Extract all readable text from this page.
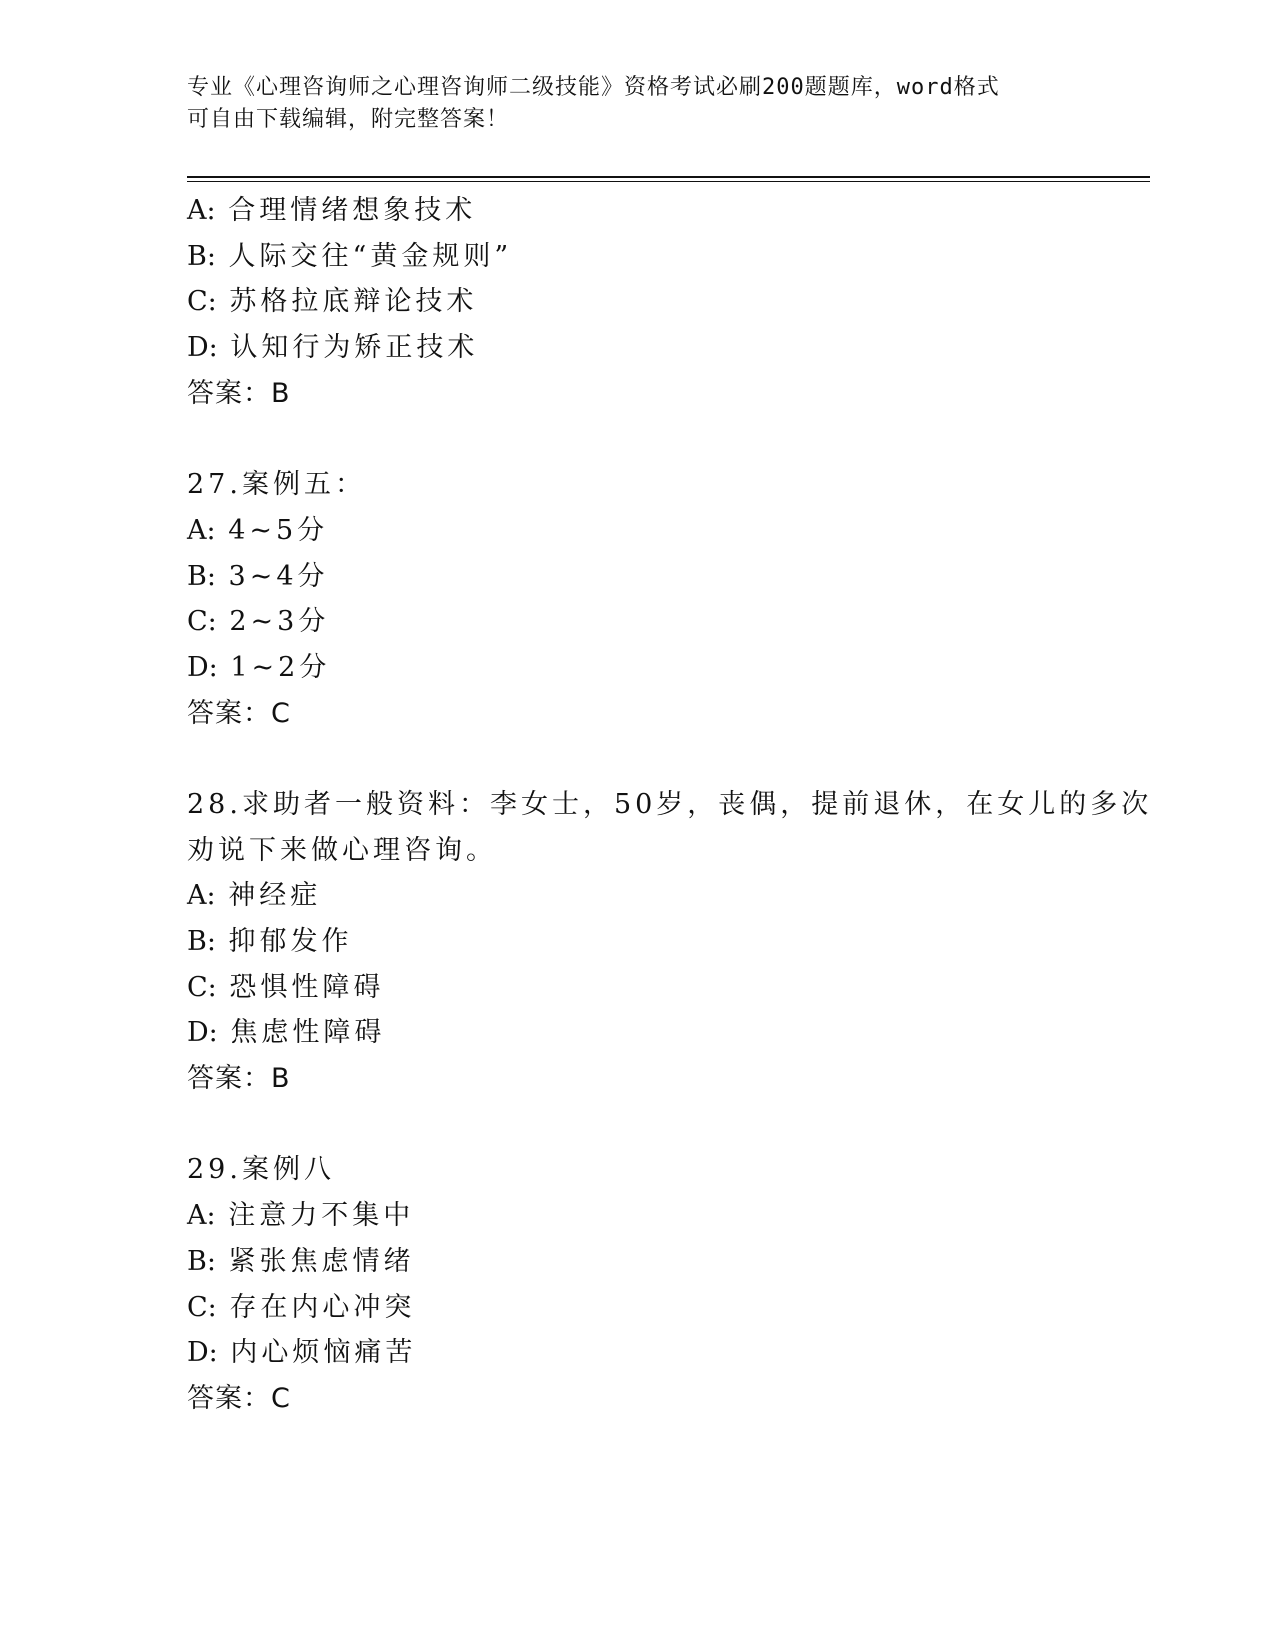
专业《心理咨询师之心理咨询师二级技能》资格考试必刷200题题库，word格式
可自由下载编辑，附完整答案！
A: 合理情绪想象技术
B: 人际交往“黄金规则”
C: 苏格拉底辩论技术
D: 认知行为矫正技术
答案：B
27.案例五：
A: 4~5分
B: 3~4分
C: 2~3分
D: 1~2分
答案：C
28.求助者一般资料：李女士，50岁，丧偶，提前退休，在女儿的多次
劝说下来做心理咨询。
A: 神经症
B: 抑郁发作
C: 恐惧性障碍
D: 焦虑性障碍
答案：B
29.案例八
A: 注意力不集中
B: 紧张焦虑情绪
C: 存在内心冲突
D: 内心烦恼痛苦
答案：C
